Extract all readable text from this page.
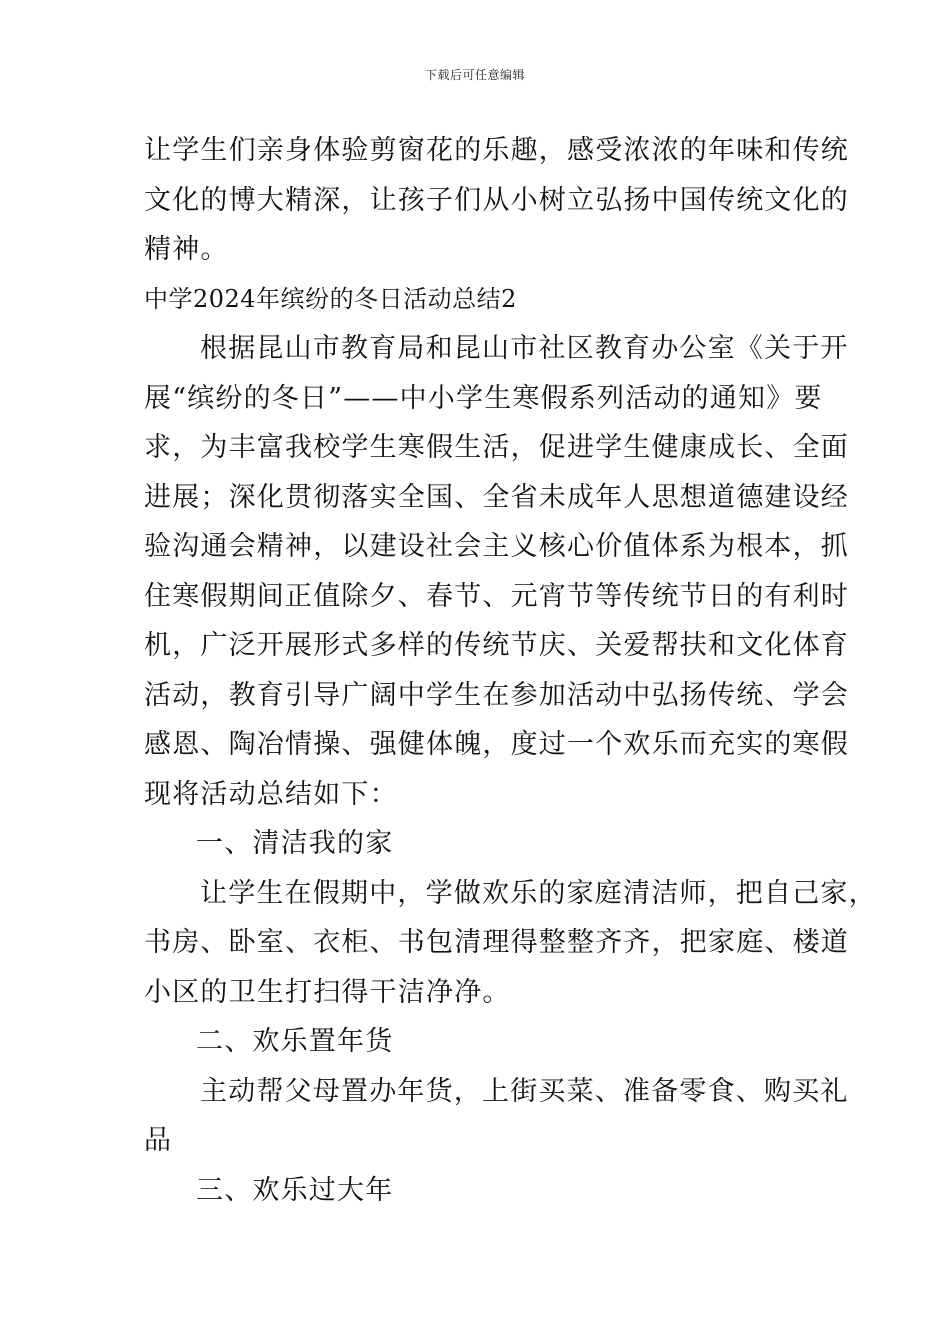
下载后可任意编辑

让学生们亲身体验剪窗花的乐趣，感受浓浓的年味和传统

文化的博大精深，让孩子们从小树立弘扬中国传统文化的

精神。

中学2024年缤纷的冬日活动总结2

根据昆山市教育局和昆山市社区教育办公室《关于开

展“缤纷的冬日”——中小学生寒假系列活动的通知》要

求，为丰富我校学生寒假生活，促进学生健康成长、全面

进展；深化贯彻落实全国、全省未成年人思想道德建设经

验沟通会精神，以建设社会主义核心价值体系为根本，抓

住寒假期间正值除夕、春节、元宵节等传统节日的有利时

机，广泛开展形式多样的传统节庆、关爱帮扶和文化体育

活动，教育引导广阔中学生在参加活动中弘扬传统、学会

感恩、陶冶情操、强健体魄，度过一个欢乐而充实的寒假

现将活动总结如下：

一、清洁我的家

让学生在假期中，学做欢乐的家庭清洁师，把自己家，

书房、卧室、衣柜、书包清理得整整齐齐，把家庭、楼道

小区的卫生打扫得干洁净净。

二、欢乐置年货

主动帮父母置办年货，上街买菜、准备零食、购买礼

品

三、欢乐过大年
